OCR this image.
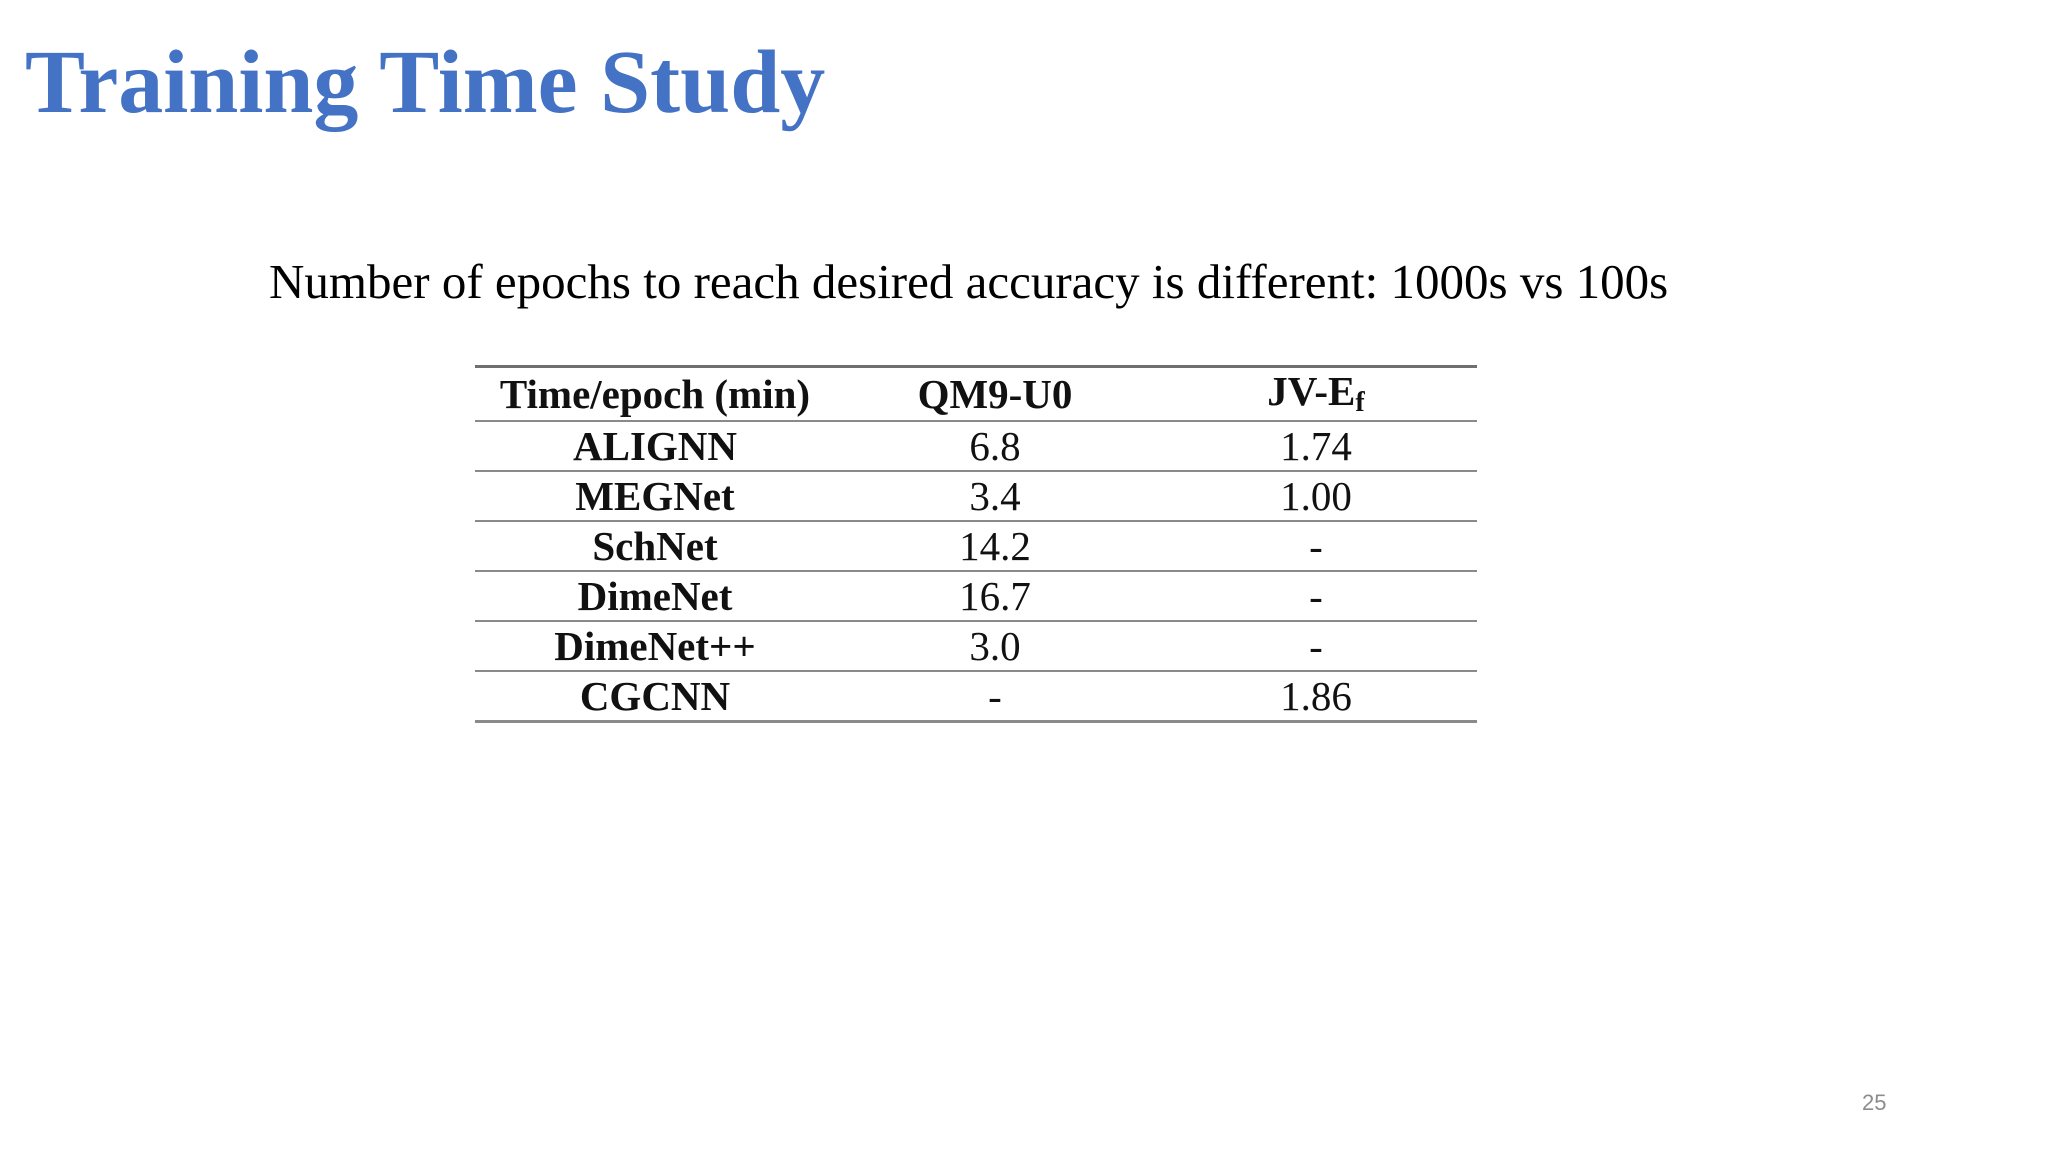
Training Time Study

Number of epochs to reach desired accuracy is different: 1000s vs 100s

Time/epoch (min)	QM9-U0	JV-Ef
ALIGNN	6.8	1.74
MEGNet	3.4	1.00
SchNet	14.2	-
DimeNet	16.7	-
DimeNet++	3.0	-
CGCNN	-	1.86

25
